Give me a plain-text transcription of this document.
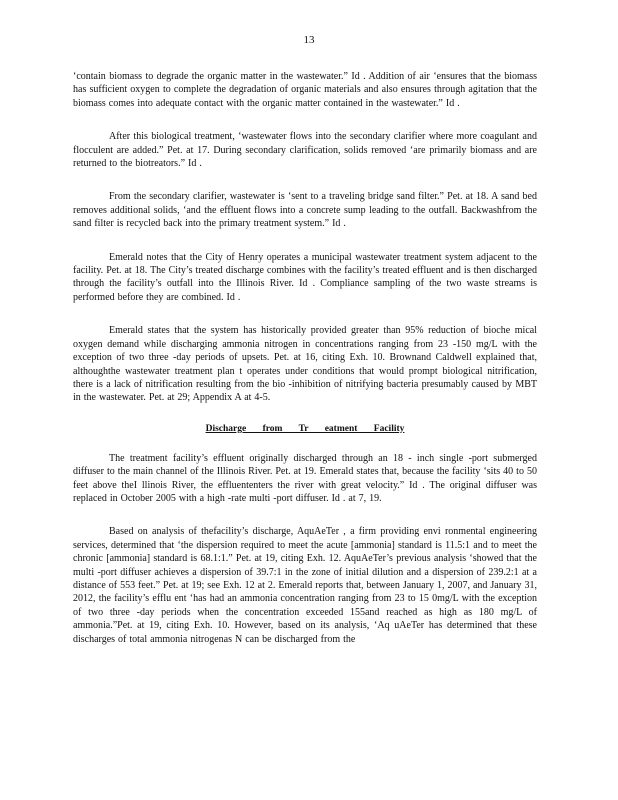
13

‘contain biomass to degrade the organic matter in the wastewater.” Id . Addition of air ‘ensures that the biomass has sufficient oxygen to complete the degradation of organic materials and also ensures through agitation that the biomass comes into adequate contact with the organic matter contained in the wastewater.” Id .

After this biological treatment, ‘wastewater flows into the secondary clarifier where more coagulant and flocculent are added.” Pet. at 17. During secondary clarification, solids removed ‘are primarily biomass and are returned to the biotreators.” Id .

From the secondary clarifier, wastewater is ‘sent to a traveling bridge sand filter.” Pet. at 18. A sand bed removes additional solids, ‘and the effluent flows into a concrete sump leading to the outfall. Backwashfrom the sand filter is recycled back into the primary treatment system.” Id .

Emerald notes that the City of Henry operates a municipal wastewater treatment system adjacent to the facility. Pet. at 18. The City’s treated discharge combines with the facility’s treated effluent and is then discharged through the facility’s outfall into the Illinois River. Id . Compliance sampling of the two waste streams is performed before they are combined. Id .

Emerald states that the system has historically provided greater than 95% reduction of bioche mical oxygen demand while discharging ammonia nitrogen in concentrations ranging from 23 -150 mg/L with the exception of two three -day periods of upsets. Pet. at 16, citing Exh. 10. Brownand Caldwell explained that, althoughthe wastewater treatment plan t operates under conditions that would prompt biological nitrification, there is a lack of nitrification resulting from the bio -inhibition of nitrifying bacteria presumably caused by MBT in the wastewater. Pet. at 29; Appendix A at 4-5.

Discharge from Tr eatment Facility

The treatment facility’s effluent originally discharged through an 18 - inch single -port submerged diffuser to the main channel of the Illinois River. Pet. at 19. Emerald states that, because the facility ‘sits 40 to 50 feet above theI llinois River, the effluententers the river with great velocity.” Id . The original diffuser was replaced in October 2005 with a high -rate multi -port diffuser. Id . at 7, 19.

Based on analysis of thefacility’s discharge, AquAeTer , a firm providing envi ronmental engineering services, determined that ‘the dispersion required to meet the acute [ammonia] standard is 11.5:1 and to meet the chronic [ammonia] standard is 68.1:1.” Pet. at 19, citing Exh. 12. AquAeTer’s previous analysis ‘showed that the multi -port diffuser achieves a dispersion of 39.7:1 in the zone of initial dilution and a dispersion of 239.2:1 at a distance of 553 feet.” Pet. at 19; see Exh. 12 at 2. Emerald reports that, between January 1, 2007, and January 31, 2012, the facility’s efflu ent ‘has had an ammonia concentration ranging from 23 to 15 0mg/L with the exception of two three -day periods when the concentration exceeded 155and reached as high as 180 mg/L of ammonia.”Pet. at 19, citing Exh. 10. However, based on its analysis, ‘Aq uAeTer has determined that these discharges of total ammonia nitrogenas N can be discharged from the
